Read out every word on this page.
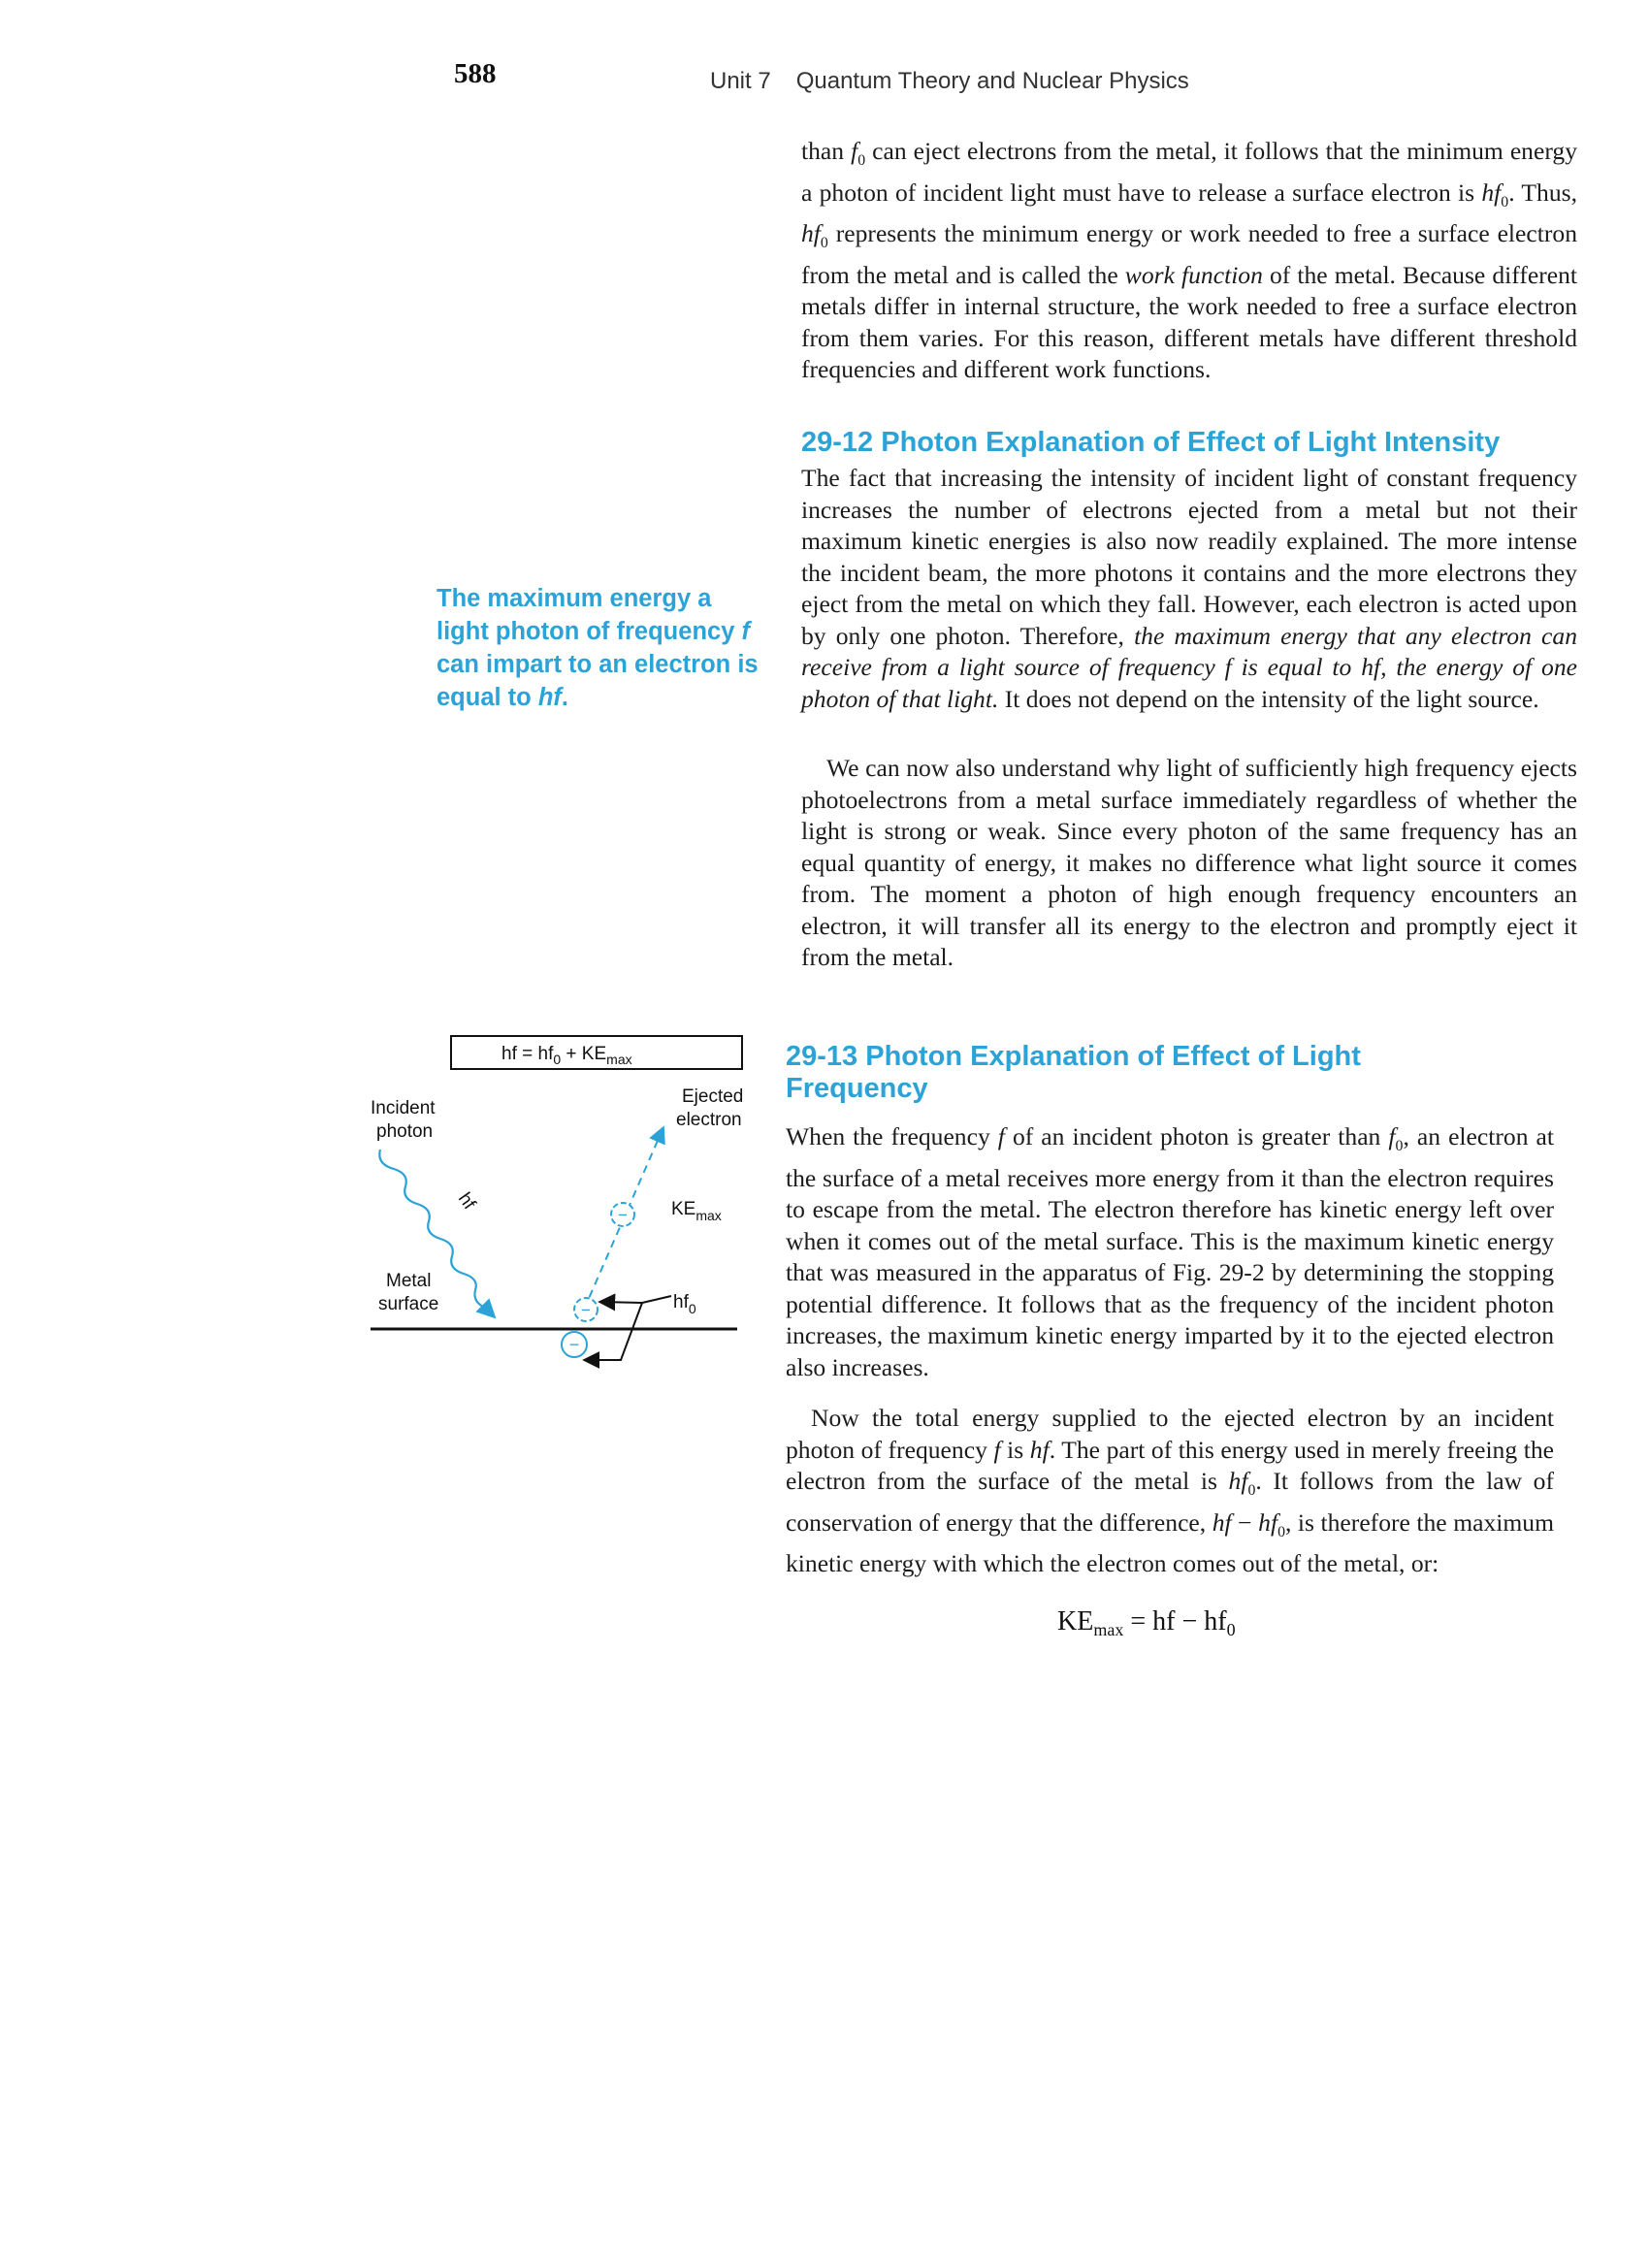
588	Unit 7 Quantum Theory and Nuclear Physics

than $f_0$ can eject electrons from the metal, it follows that the minimum energy a photon of incident light must have to release a surface electron is $hf_0$. Thus, $hf_0$ represents the minimum energy or work needed to free a surface electron from the metal and is called the work function of the metal. Because different metals differ in internal structure, the work needed to free a surface electron from them varies. For this reason, different metals have different threshold frequencies and different work functions.

29-12 Photon Explanation of Effect of Light Intensity

The fact that increasing the intensity of incident light of constant frequency increases the number of electrons ejected from a metal but not their maximum kinetic energies is also now readily explained. The more intense the incident beam, the more photons it contains and the more electrons they eject from the metal on which they fall. However, each electron is acted upon by only one photon. Therefore, the maximum energy that any electron can receive from a light source of frequency f is equal to hf, the energy of one photon of that light. It does not depend on the intensity of the light source.

We can now also understand why light of sufficiently high frequency ejects photoelectrons from a metal surface immediately regardless of whether the light is strong or weak. Since every photon of the same frequency has an equal quantity of energy, it makes no difference what light source it comes from. The moment a photon of high enough frequency encounters an electron, it will transfer all its energy to the electron and promptly eject it from the metal.

The maximum energy a light photon of frequency f can impart to an electron is equal to hf.

hf = $hf_0 + KE_{max}$
Incident
photon
Ejected
electron
$KE_{max}$
Metal
surface	$hf_0$
hf
−
−
−
29-13 Photon Explanation of Effect of Light
Frequency

When the frequency f of an incident photon is greater than $f_0$, an electron at the surface of a metal receives more energy from it than the electron requires to escape from the metal. The electron therefore has kinetic energy left over when it comes out of the metal surface. This is the maximum kinetic energy that was measured in the apparatus of Fig. 29-2 by determining the stopping potential difference. It follows that as the frequency of the incident photon increases, the maximum kinetic energy imparted by it to the ejected electron also increases.

Now the total energy supplied to the ejected electron by an incident photon of frequency f is hf. The part of this energy used in merely freeing the electron from the surface of the metal is $hf_0$. It follows from the law of conservation of energy that the difference, hf − $hf_0$, is therefore the maximum kinetic energy with which the electron comes out of the metal, or:

$KE_{max}$ = hf − $hf_0$
